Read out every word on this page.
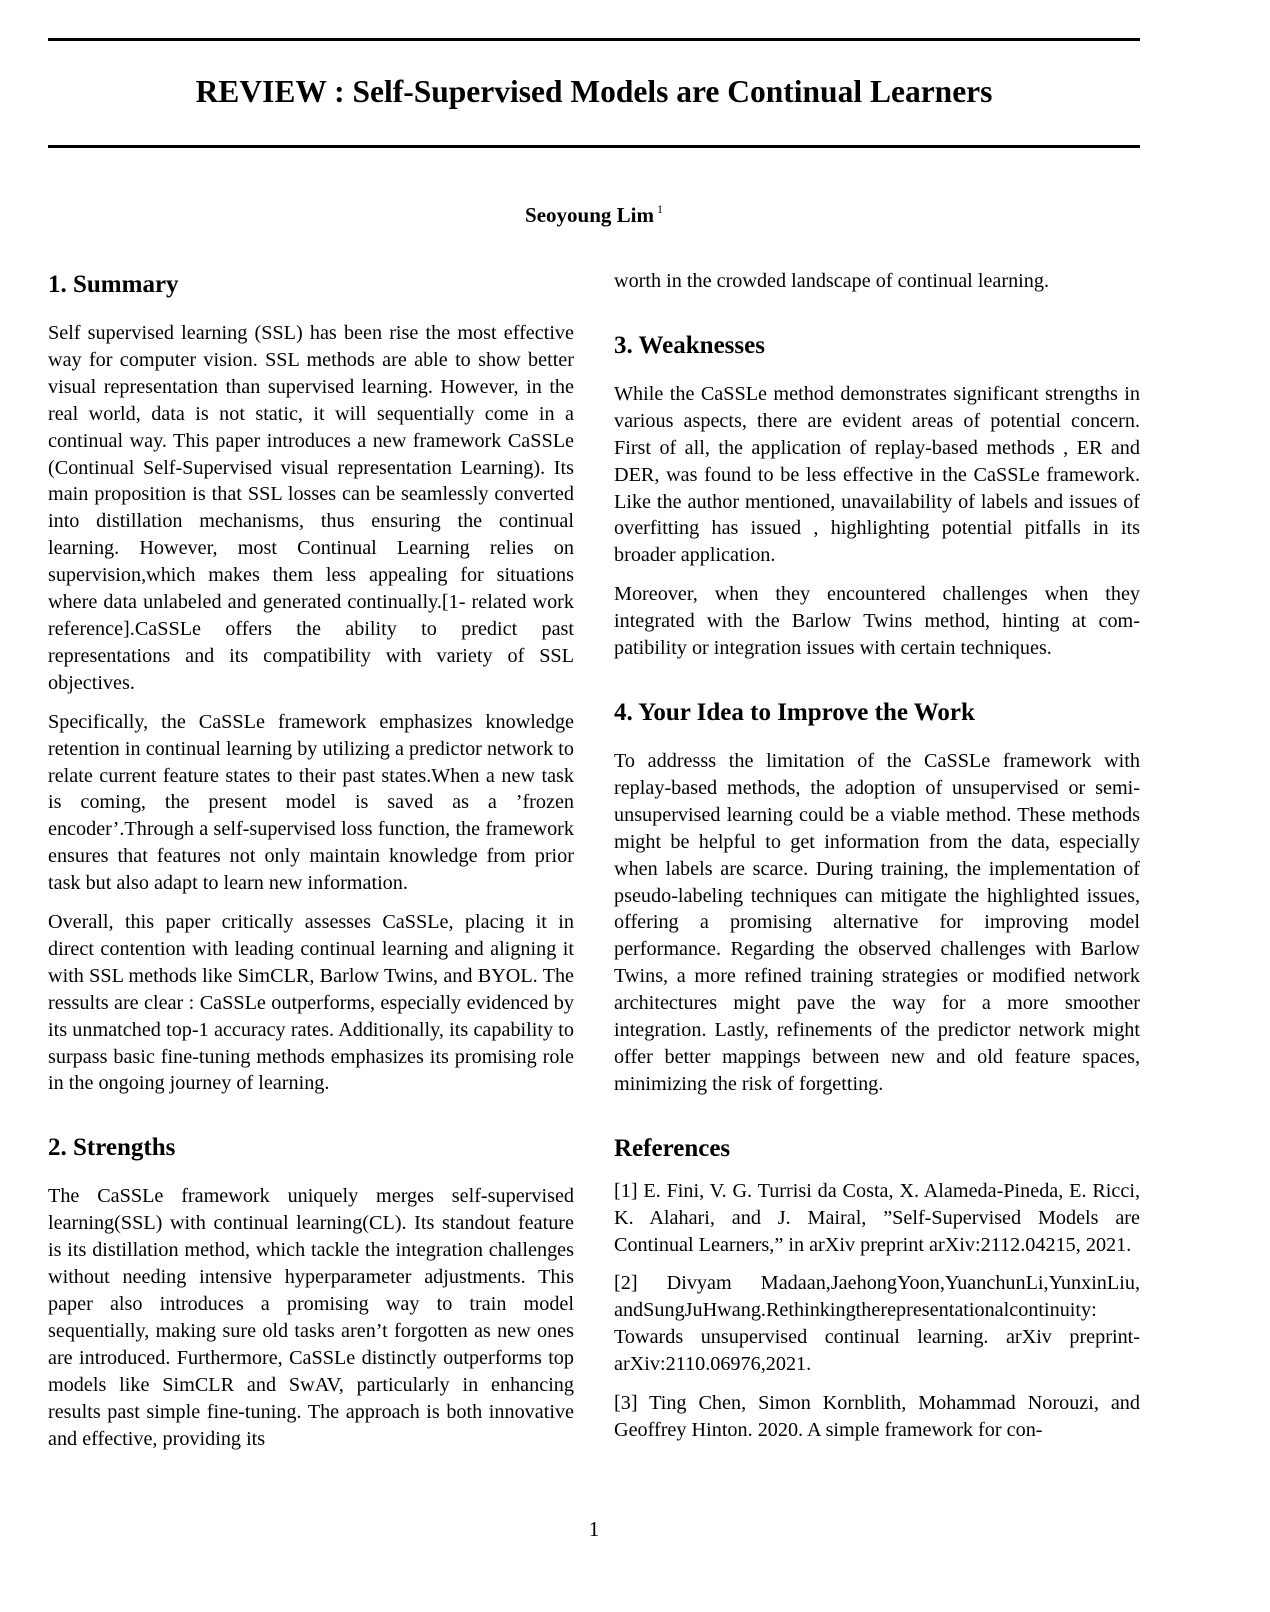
REVIEW : Self-Supervised Models are Continual Learners
Seoyoung Lim $^1$
1. Summary

Self supervised learning (SSL) has been rise the most effective way for computer vision. SSL methods are able to show better visual representation than supervised learning. However, in the real world, data is not static, it will sequentially come in a continual way. This paper introduces a new framework CaSSLe (Continual Self-Supervised visual representation Learning). Its main proposition is that SSL losses can be seamlessly converted into distillation mechanisms, thus ensuring the continual learning. However, most Continual Learning relies on supervision,which makes them less appealing for situations where data unlabeled and generated continually.[1- related work reference].CaSSLe offers the ability to predict past representations and its compatibility with variety of SSL objectives.

Specifically, the CaSSLe framework emphasizes knowledge retention in continual learning by utilizing a predictor network to relate current feature states to their past states.When a new task is coming, the present model is saved as a ’frozen encoder’.Through a self-supervised loss function, the framework ensures that features not only maintain knowledge from prior task but also adapt to learn new information.

Overall, this paper critically assesses CaSSLe, placing it in direct contention with leading continual learning and aligning it with SSL methods like SimCLR, Barlow Twins, and BYOL. The ressults are clear : CaSSLe outperforms, especially evidenced by its unmatched top-1 accuracy rates. Additionally, its capability to surpass basic fine-tuning methods emphasizes its promising role in the ongoing journey of learning.

2. Strengths

The CaSSLe framework uniquely merges self-supervised learning(SSL) with continual learning(CL). Its standout feature is its distillation method, which tackle the integration challenges without needing intensive hyperparameter adjustments. This paper also introduces a promising way to train model sequentially, making sure old tasks aren’t forgotten as new ones are introduced. Furthermore, CaSSLe distinctly outperforms top models like SimCLR and SwAV, particularly in enhancing results past simple fine-tuning. The approach is both innovative and effective, providing its

worth in the crowded landscape of continual learning.

3. Weaknesses

While the CaSSLe method demonstrates significant strengths in various aspects, there are evident areas of potential concern. First of all, the application of replay-based methods , ER and DER, was found to be less effective in the CaSSLe framework. Like the author mentioned, unavailability of labels and issues of overfitting has issued , highlighting potential pitfalls in its broader application.

Moreover, when they encountered challenges when they integrated with the Barlow Twins method, hinting at compatibility or integration issues with certain techniques.

4. Your Idea to Improve the Work

To addresss the limitation of the CaSSLe framework with replay-based methods, the adoption of unsupervised or semi-unsupervised learning could be a viable method. These methods might be helpful to get information from the data, especially when labels are scarce. During training, the implementation of pseudo-labeling techniques can mitigate the highlighted issues, offering a promising alternative for improving model performance. Regarding the observed challenges with Barlow Twins, a more refined training strategies or modified network architectures might pave the way for a more smoother integration. Lastly, refinements of the predictor network might offer better mappings between new and old feature spaces, minimizing the risk of forgetting.

References
[1] E. Fini, V. G. Turrisi da Costa, X. Alameda-Pineda, E. Ricci, K. Alahari, and J. Mairal, ”Self-Supervised Models are Continual Learners,” in arXiv preprint arXiv:2112.04215, 2021.
[2] Divyam Madaan,JaehongYoon,YuanchunLi,YunxinLiu, andSungJuHwang.Rethinkingtherepresentationalcontinuity: Towards unsupervised continual learning. arXiv preprint-arXiv:2110.06976,2021.
[3] Ting Chen, Simon Kornblith, Mohammad Norouzi, and Geoffrey Hinton. 2020. A simple framework for con-
1
